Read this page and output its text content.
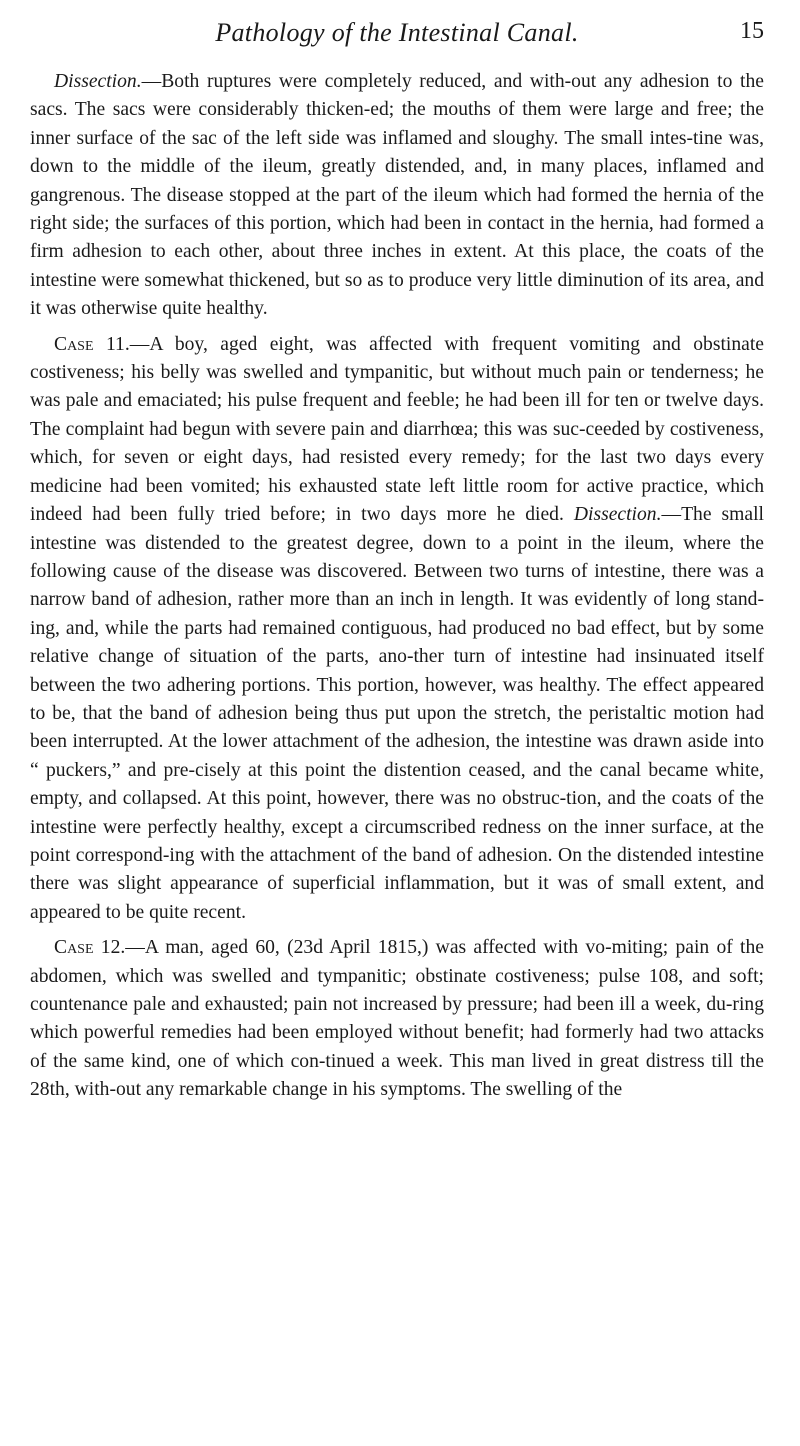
Pathology of the Intestinal Canal.	15

Dissection.—Both ruptures were completely reduced, and with-out any adhesion to the sacs. The sacs were considerably thicken-ed; the mouths of them were large and free; the inner surface of the sac of the left side was inflamed and sloughy. The small intes-tine was, down to the middle of the ileum, greatly distended, and, in many places, inflamed and gangrenous. The disease stopped at the part of the ileum which had formed the hernia of the right side; the surfaces of this portion, which had been in contact in the hernia, had formed a firm adhesion to each other, about three inches in extent. At this place, the coats of the intestine were somewhat thickened, but so as to produce very little diminution of its area, and it was otherwise quite healthy.

Case 11.—A boy, aged eight, was affected with frequent vomiting and obstinate costiveness; his belly was swelled and tympanitic, but without much pain or tenderness; he was pale and emaciated; his pulse frequent and feeble; he had been ill for ten or twelve days. The complaint had begun with severe pain and diarrhœa; this was suc-ceeded by costiveness, which, for seven or eight days, had resisted every remedy; for the last two days every medicine had been vomited; his exhausted state left little room for active practice, which indeed had been fully tried before; in two days more he died. Dissection.—The small intestine was distended to the greatest degree, down to a point in the ileum, where the following cause of the disease was discovered. Between two turns of intestine, there was a narrow band of adhesion, rather more than an inch in length. It was evidently of long stand-ing, and, while the parts had remained contiguous, had produced no bad effect, but by some relative change of situation of the parts, ano-ther turn of intestine had insinuated itself between the two adhering portions. This portion, however, was healthy. The effect appeared to be, that the band of adhesion being thus put upon the stretch, the peristaltic motion had been interrupted. At the lower attachment of the adhesion, the intestine was drawn aside into “ puckers,” and pre-cisely at this point the distention ceased, and the canal became white, empty, and collapsed. At this point, however, there was no obstruc-tion, and the coats of the intestine were perfectly healthy, except a circumscribed redness on the inner surface, at the point correspond-ing with the attachment of the band of adhesion. On the distended intestine there was slight appearance of superficial inflammation, but it was of small extent, and appeared to be quite recent.

Case 12.—A man, aged 60, (23d April 1815,) was affected with vo-miting; pain of the abdomen, which was swelled and tympanitic; obstinate costiveness; pulse 108, and soft; countenance pale and exhausted; pain not increased by pressure; had been ill a week, du-ring which powerful remedies had been employed without benefit; had formerly had two attacks of the same kind, one of which con-tinued a week. This man lived in great distress till the 28th, with-out any remarkable change in his symptoms. The swelling of the
